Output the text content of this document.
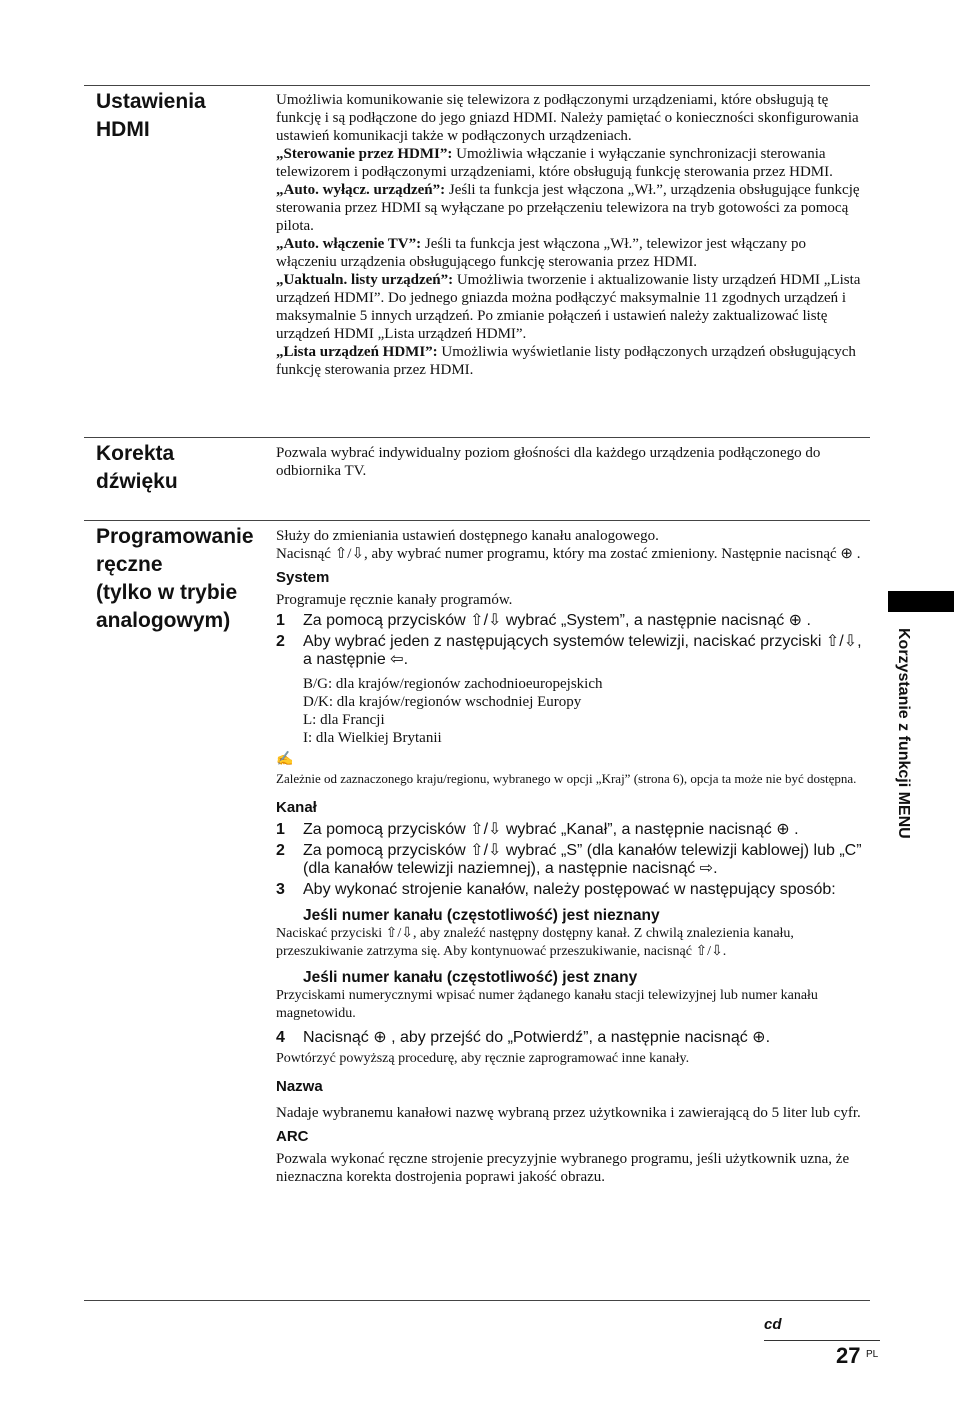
Ustawienia
HDMI

Umożliwia komunikowanie się telewizora z podłączonymi urządzeniami, które obsługują tę funkcję i są podłączone do jego gniazd HDMI. Należy pamiętać o konieczności skonfigurowania ustawień komunikacji także w podłączonych urządzeniach.

„Sterowanie przez HDMI”: Umożliwia włączanie i wyłączanie synchronizacji sterowania telewizorem i podłączonymi urządzeniami, które obsługują funkcję sterowania przez HDMI.

„Auto. wyłącz. urządzeń”: Jeśli ta funkcja jest włączona „Wł.”, urządzenia obsługujące funkcję sterowania przez HDMI są wyłączane po przełączeniu telewizora na tryb gotowości za pomocą pilota.

„Auto. włączenie TV”: Jeśli ta funkcja jest włączona „Wł.”, telewizor jest włączany po włączeniu urządzenia obsługującego funkcję sterowania przez HDMI.

„Uaktualn. listy urządzeń”: Umożliwia tworzenie i aktualizowanie listy urządzeń HDMI „Lista urządzeń HDMI”. Do jednego gniazda można podłączyć maksymalnie 11 zgodnych urządzeń i maksymalnie 5 innych urządzeń. Po zmianie połączeń i ustawień należy zaktualizować listę urządzeń HDMI „Lista urządzeń HDMI”.

„Lista urządzeń HDMI”: Umożliwia wyświetlanie listy podłączonych urządzeń obsługujących funkcję sterowania przez HDMI.

Korekta
dźwięku

Pozwala wybrać indywidualny poziom głośności dla każdego urządzenia podłączonego do odbiornika TV.

Programowanie
ręczne
(tylko w trybie
analogowym)

Służy do zmieniania ustawień dostępnego kanału analogowego.

Nacisnąć ⇧/⇩, aby wybrać numer programu, który ma zostać zmieniony. Następnie nacisnąć ⊕ .

System

Programuje ręcznie kanały programów.

1	Za pomocą przycisków ⇧/⇩ wybrać „System”, a następnie nacisnąć ⊕ .
2	Aby wybrać jeden z następujących systemów telewizji, naciskać przyciski ⇧/⇩, a następnie ⇦.

B/G: dla krajów/regionów zachodnioeuropejskich

D/K: dla krajów/regionów wschodniej Europy

L: dla Francji

I: dla Wielkiej Brytanii

✍

Zależnie od zaznaczonego kraju/regionu, wybranego w opcji „Kraj” (strona 6), opcja ta może nie być dostępna.

Kanał
1	Za pomocą przycisków ⇧/⇩ wybrać „Kanał”, a następnie nacisnąć ⊕ .
2	Za pomocą przycisków ⇧/⇩ wybrać „S” (dla kanałów telewizji kablowej) lub „C” (dla kanałów telewizji naziemnej), a następnie nacisnąć ⇨.
3	Aby wykonać strojenie kanałów, należy postępować w następujący sposób:
Jeśli numer kanału (częstotliwość) jest nieznany

Naciskać przyciski ⇧/⇩, aby znaleźć następny dostępny kanał. Z chwilą znalezienia kanału, przeszukiwanie zatrzyma się. Aby kontynuować przeszukiwanie, nacisnąć ⇧/⇩.

Jeśli numer kanału (częstotliwość) jest znany

Przyciskami numerycznymi wpisać numer żądanego kanału stacji telewizyjnej lub numer kanału magnetowidu.

4	Nacisnąć ⊕ , aby przejść do „Potwierdź”, a następnie nacisnąć ⊕.

Powtórzyć powyższą procedurę, aby ręcznie zaprogramować inne kanały.

Nazwa

Nadaje wybranemu kanałowi nazwę wybraną przez użytkownika i zawierającą do 5 liter lub cyfr.

ARC

Pozwala wykonać ręczne strojenie precyzyjnie wybranego programu, jeśli użytkownik uzna, że nieznaczna korekta dostrojenia poprawi jakość obrazu.

Korzystanie z funkcji MENU
cd
27 PL
